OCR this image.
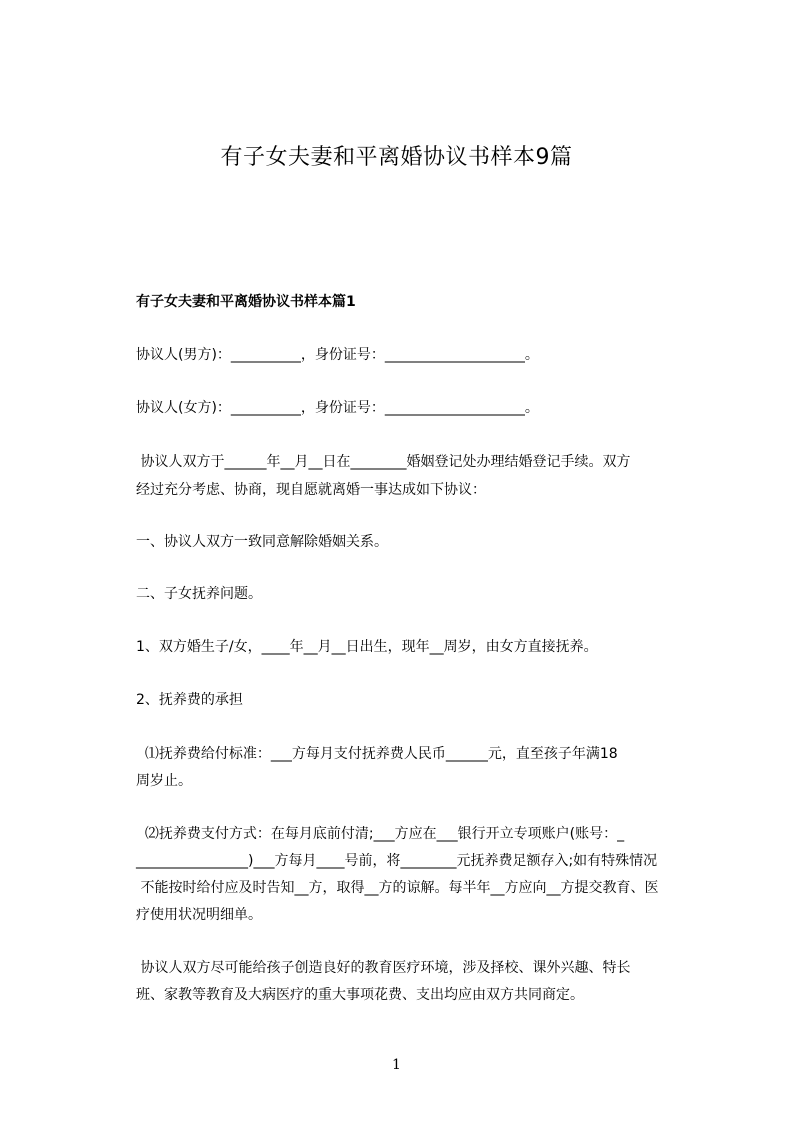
有子女夫妻和平离婚协议书样本9篇
有子女夫妻和平离婚协议书样本篇1
协议人(男方)：__________，身份证号：____________________。
协议人(女方)：__________，身份证号：____________________。
协议人双方于______年__月__日在________婚姻登记处办理结婚登记手续。双方
经过充分考虑、协商，现自愿就离婚一事达成如下协议：
一、协议人双方一致同意解除婚姻关系。
二、子女抚养问题。
1、双方婚生子/女，____年__月__日出生，现年__周岁，由女方直接抚养。
2、抚养费的承担
⑴抚养费给付标准：___方每月支付抚养费人民币______元，直至孩子年满18
周岁止。
⑵抚养费支付方式：在每月底前付清;___方应在___银行开立专项账户(账号：_
________________)___方每月____号前，将________元抚养费足额存入;如有特殊情况
不能按时给付应及时告知__方，取得__方的谅解。每半年__方应向__方提交教育、医
疗使用状况明细单。
协议人双方尽可能给孩子创造良好的教育医疗环境，涉及择校、课外兴趣、特长
班、家教等教育及大病医疗的重大事项花费、支出均应由双方共同商定。
1
